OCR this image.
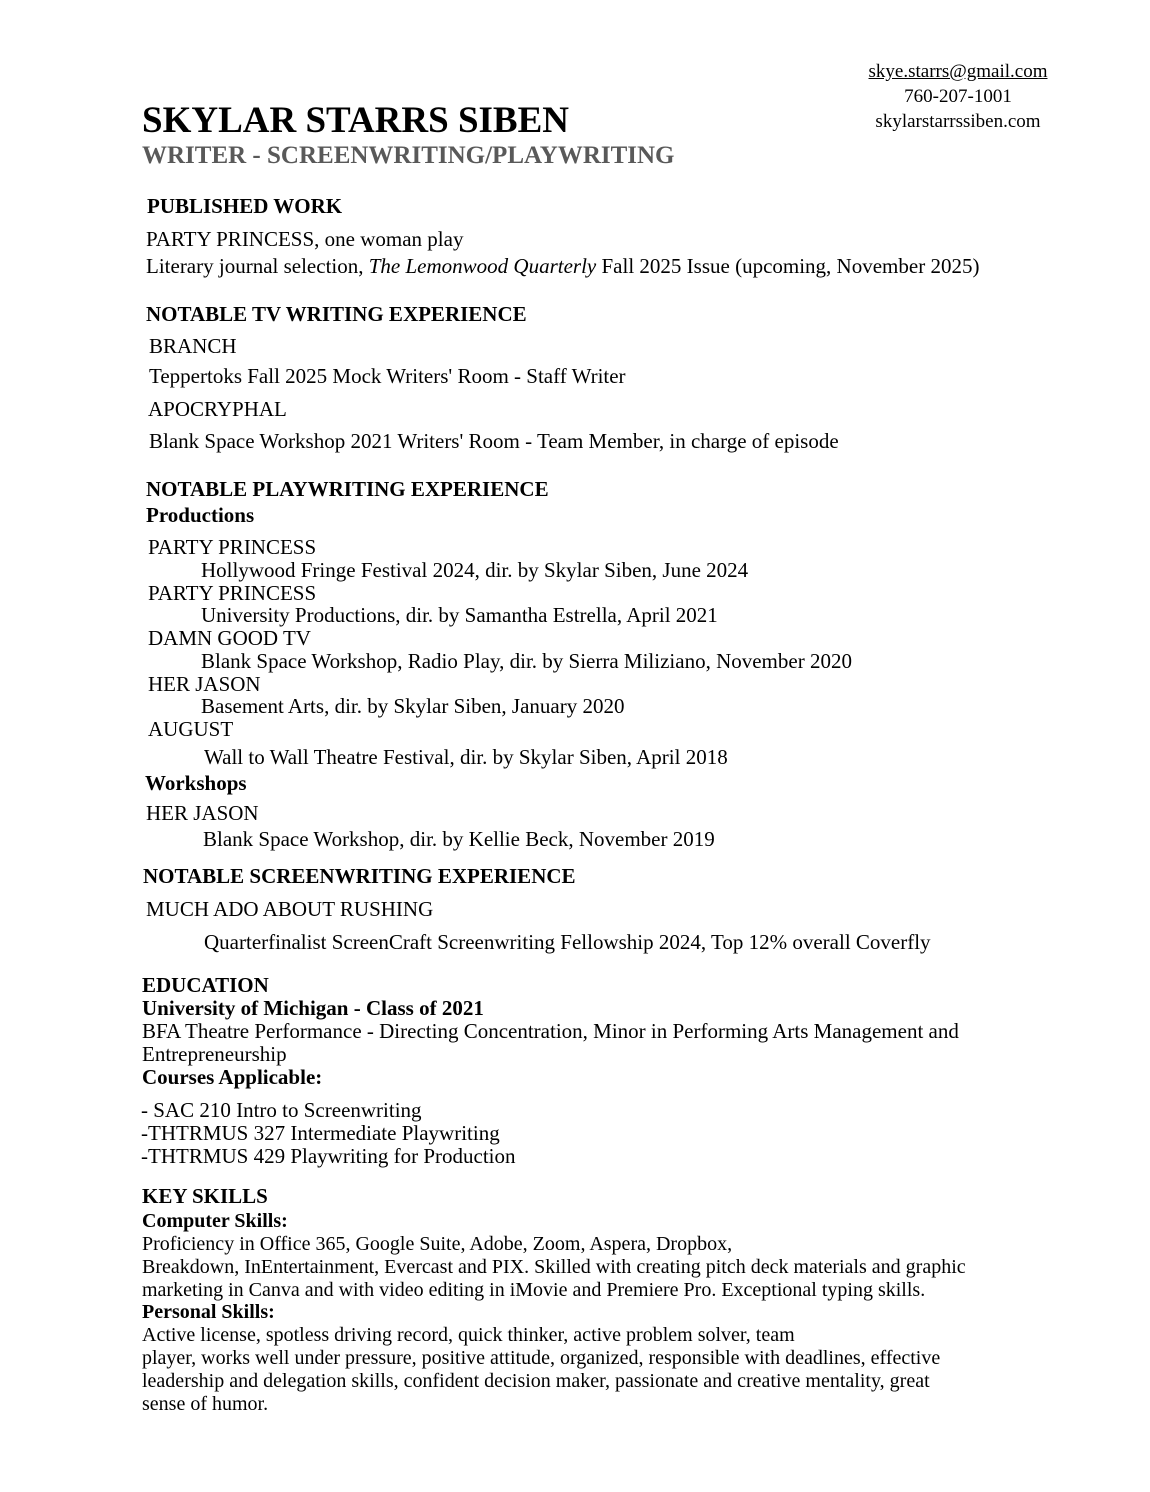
skye.starrs@gmail.com
760-207-1001
skylarstarrssiben.com
SKYLAR STARRS SIBEN
WRITER - SCREENWRITING/PLAYWRITING
PUBLISHED WORK
PARTY PRINCESS, one woman play
Literary journal selection, The Lemonwood Quarterly Fall 2025 Issue (upcoming, November 2025)
NOTABLE TV WRITING EXPERIENCE
BRANCH
Teppertoks Fall 2025 Mock Writers' Room - Staff Writer
APOCRYPHAL
Blank Space Workshop 2021 Writers' Room - Team Member, in charge of episode
NOTABLE PLAYWRITING EXPERIENCE
Productions
PARTY PRINCESS
Hollywood Fringe Festival 2024, dir. by Skylar Siben, June 2024
PARTY PRINCESS
University Productions, dir. by Samantha Estrella, April 2021
DAMN GOOD TV
Blank Space Workshop, Radio Play, dir. by Sierra Miliziano, November 2020
HER JASON
Basement Arts, dir. by Skylar Siben, January 2020
AUGUST
Wall to Wall Theatre Festival, dir. by Skylar Siben, April 2018
Workshops
HER JASON
Blank Space Workshop, dir. by Kellie Beck, November 2019
NOTABLE SCREENWRITING EXPERIENCE
MUCH ADO ABOUT RUSHING
Quarterfinalist ScreenCraft Screenwriting Fellowship 2024, Top 12% overall Coverfly
EDUCATION
University of Michigan - Class of 2021
BFA Theatre Performance - Directing Concentration, Minor in Performing Arts Management and
Entrepreneurship
Courses Applicable:
- SAC 210 Intro to Screenwriting
-THTRMUS 327 Intermediate Playwriting
-THTRMUS 429 Playwriting for Production
KEY SKILLS
Computer Skills:
Proficiency in Office 365, Google Suite, Adobe, Zoom, Aspera, Dropbox,
Breakdown, InEntertainment, Evercast and PIX. Skilled with creating pitch deck materials and graphic
marketing in Canva and with video editing in iMovie and Premiere Pro. Exceptional typing skills.
Personal Skills:
Active license, spotless driving record, quick thinker, active problem solver, team
player, works well under pressure, positive attitude, organized, responsible with deadlines, effective
leadership and delegation skills, confident decision maker, passionate and creative mentality, great
sense of humor.
